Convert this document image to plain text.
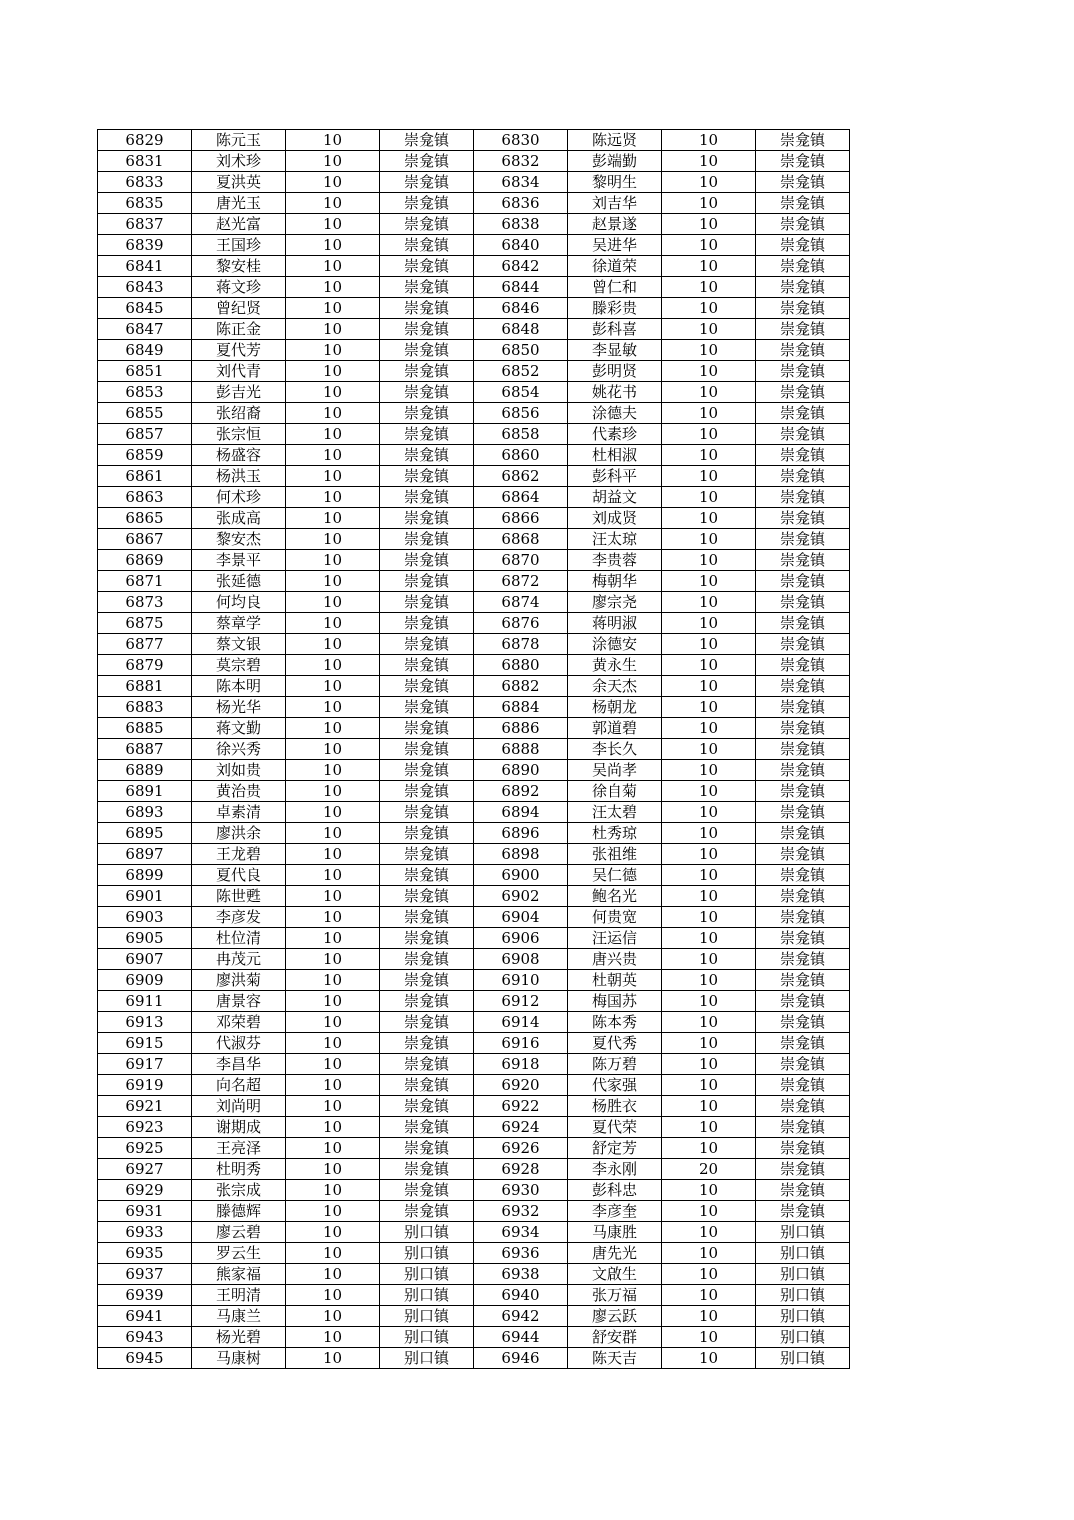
6829	陈元玉	10	崇龛镇	6830	陈远贤	10	崇龛镇
6831	刘术珍	10	崇龛镇	6832	彭端勤	10	崇龛镇
6833	夏洪英	10	崇龛镇	6834	黎明生	10	崇龛镇
6835	唐光玉	10	崇龛镇	6836	刘吉华	10	崇龛镇
6837	赵光富	10	崇龛镇	6838	赵景遂	10	崇龛镇
6839	王国珍	10	崇龛镇	6840	吴进华	10	崇龛镇
6841	黎安桂	10	崇龛镇	6842	徐道荣	10	崇龛镇
6843	蒋文珍	10	崇龛镇	6844	曾仁和	10	崇龛镇
6845	曾纪贤	10	崇龛镇	6846	滕彩贵	10	崇龛镇
6847	陈正金	10	崇龛镇	6848	彭科喜	10	崇龛镇
6849	夏代芳	10	崇龛镇	6850	李显敏	10	崇龛镇
6851	刘代青	10	崇龛镇	6852	彭明贤	10	崇龛镇
6853	彭吉光	10	崇龛镇	6854	姚花书	10	崇龛镇
6855	张绍裔	10	崇龛镇	6856	涂德夫	10	崇龛镇
6857	张宗恒	10	崇龛镇	6858	代素珍	10	崇龛镇
6859	杨盛容	10	崇龛镇	6860	杜相淑	10	崇龛镇
6861	杨洪玉	10	崇龛镇	6862	彭科平	10	崇龛镇
6863	何术珍	10	崇龛镇	6864	胡益文	10	崇龛镇
6865	张成高	10	崇龛镇	6866	刘成贤	10	崇龛镇
6867	黎安杰	10	崇龛镇	6868	汪太琼	10	崇龛镇
6869	李景平	10	崇龛镇	6870	李贵蓉	10	崇龛镇
6871	张延德	10	崇龛镇	6872	梅朝华	10	崇龛镇
6873	何均良	10	崇龛镇	6874	廖宗尧	10	崇龛镇
6875	蔡章学	10	崇龛镇	6876	蒋明淑	10	崇龛镇
6877	蔡文银	10	崇龛镇	6878	涂德安	10	崇龛镇
6879	莫宗碧	10	崇龛镇	6880	黄永生	10	崇龛镇
6881	陈本明	10	崇龛镇	6882	余天杰	10	崇龛镇
6883	杨光华	10	崇龛镇	6884	杨朝龙	10	崇龛镇
6885	蒋文勤	10	崇龛镇	6886	郭道碧	10	崇龛镇
6887	徐兴秀	10	崇龛镇	6888	李长久	10	崇龛镇
6889	刘如贵	10	崇龛镇	6890	吴尚孝	10	崇龛镇
6891	黄治贵	10	崇龛镇	6892	徐自菊	10	崇龛镇
6893	卓素清	10	崇龛镇	6894	汪太碧	10	崇龛镇
6895	廖洪余	10	崇龛镇	6896	杜秀琼	10	崇龛镇
6897	王龙碧	10	崇龛镇	6898	张祖维	10	崇龛镇
6899	夏代良	10	崇龛镇	6900	吴仁德	10	崇龛镇
6901	陈世甦	10	崇龛镇	6902	鲍名光	10	崇龛镇
6903	李彦发	10	崇龛镇	6904	何贵宽	10	崇龛镇
6905	杜位清	10	崇龛镇	6906	汪运信	10	崇龛镇
6907	冉茂元	10	崇龛镇	6908	唐兴贵	10	崇龛镇
6909	廖洪菊	10	崇龛镇	6910	杜朝英	10	崇龛镇
6911	唐景容	10	崇龛镇	6912	梅国苏	10	崇龛镇
6913	邓荣碧	10	崇龛镇	6914	陈本秀	10	崇龛镇
6915	代淑芬	10	崇龛镇	6916	夏代秀	10	崇龛镇
6917	李昌华	10	崇龛镇	6918	陈万碧	10	崇龛镇
6919	向名超	10	崇龛镇	6920	代家强	10	崇龛镇
6921	刘尚明	10	崇龛镇	6922	杨胜衣	10	崇龛镇
6923	谢期成	10	崇龛镇	6924	夏代荣	10	崇龛镇
6925	王亮泽	10	崇龛镇	6926	舒定芳	10	崇龛镇
6927	杜明秀	10	崇龛镇	6928	李永刚	20	崇龛镇
6929	张宗成	10	崇龛镇	6930	彭科忠	10	崇龛镇
6931	滕德辉	10	崇龛镇	6932	李彦奎	10	崇龛镇
6933	廖云碧	10	别口镇	6934	马康胜	10	别口镇
6935	罗云生	10	别口镇	6936	唐先光	10	别口镇
6937	熊家福	10	别口镇	6938	文啟生	10	别口镇
6939	王明清	10	别口镇	6940	张万福	10	别口镇
6941	马康兰	10	别口镇	6942	廖云跃	10	别口镇
6943	杨光碧	10	别口镇	6944	舒安群	10	别口镇
6945	马康树	10	别口镇	6946	陈天吉	10	别口镇
